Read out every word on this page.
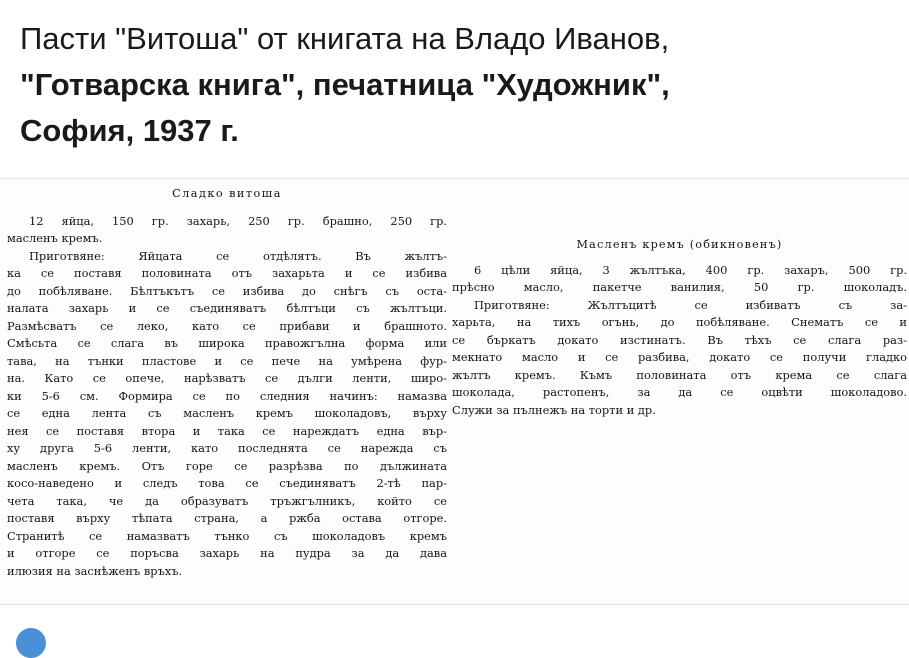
Пасти "Витоша" от книгата на Владо Иванов,
"Готварска книга", печатница "Художник",
София, 1937 г.
Сладко витоша
12 яйца, 150 гр. захарь, 250 гр. брашно, 250 гр.
масленъ кремъ.
Приготвяне: Яйцата се отдѣлятъ. Въ жълтъ-
ка се поставя половината отъ захарьта и се избива
до побѣляване. Бѣлтъкътъ се избива до снѣгъ съ оста-
налата захарь и се съединяватъ бѣлтъци съ жълтъци.
Размѣсватъ се леко, като се прибави и брашното.
Смѣсьта се слага въ широка правожгълна форма или
тава, на тънки пластове и се пече на умѣрена фур-
на. Като се опече, нарѣзватъ се дълги ленти, широ-
ки 5-6 см. Формира се по следния начинъ: намазва
се една лента съ масленъ кремъ шоколадовъ, върху
нея се поставя втора и така се нареждатъ една вър-
ху друга 5-6 ленти, като последнята се нарежда съ
масленъ кремъ. Отъ горе се разрѣзва по дължината
косо-наведено и следъ това се съединяватъ 2-тѣ пар-
чета така, че да образуватъ тръжгълникъ, който се
поставя върху тѣпата страна, а ржба остава отгоре.
Странитѣ се намазватъ тънко съ шоколадовъ кремъ
и отгоре се поръсва захарь на пудра за да дава
илюзия на заснѣженъ връхъ.
Масленъ кремъ (обикновенъ)
6 цѣли яйца, 3 жълтъка, 400 гр. захаръ, 500 гр.
прѣсно масло, пакетче ванилия, 50 гр. шоколадъ.
Приготвяне: Жълтъцитѣ се избиватъ съ за-
харьта, на тихъ огънь, до побѣляване. Снематъ се и
се бъркатъ докато изстинатъ. Въ тѣхъ се слага раз-
мекнато масло и се разбива, докато се получи гладко
жълтъ кремъ. Къмъ половината отъ крема се слага
шоколада, растопенъ, за да се оцвѣти шоколадово.
Служи за пълнежъ на торти и др.
